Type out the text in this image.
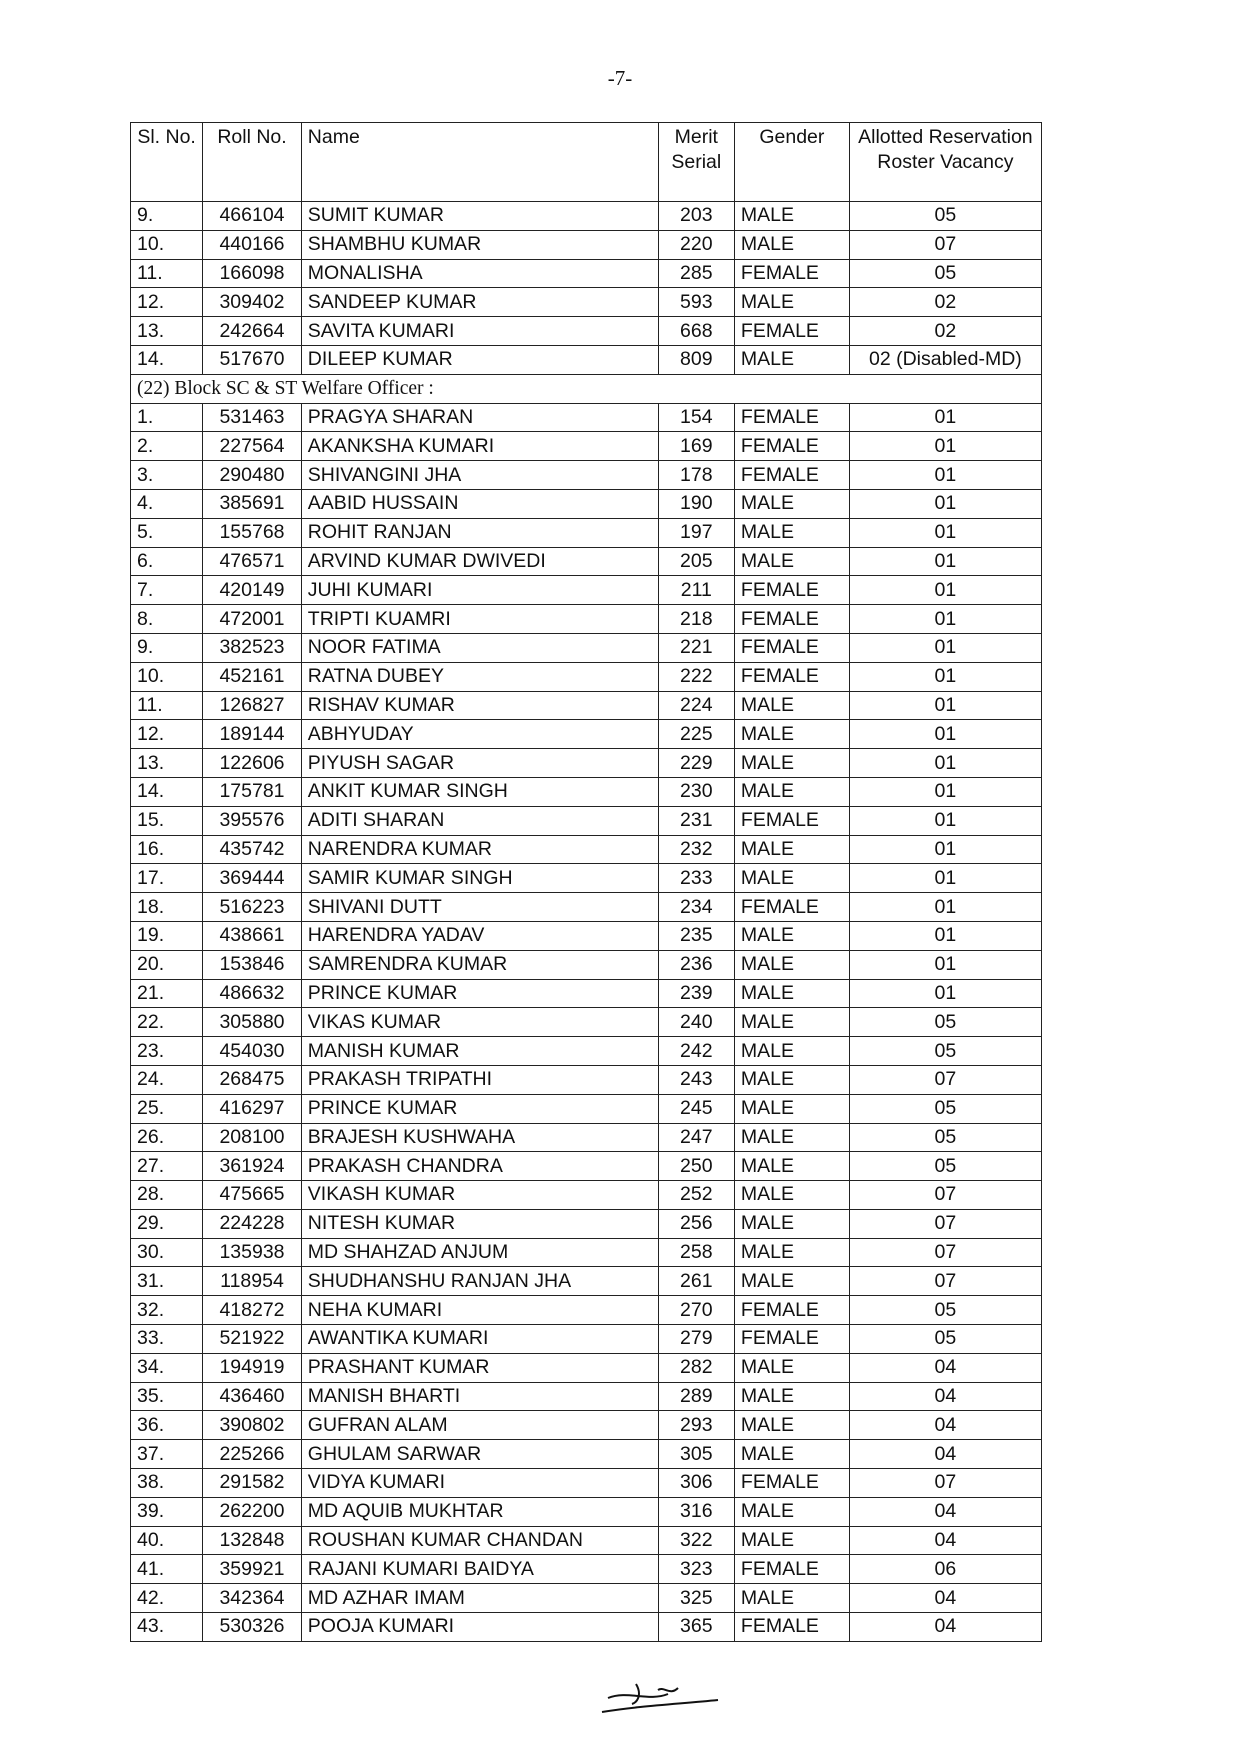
-7-
Sl. No.	Roll No.	Name	Merit Serial	Gender	Allotted Reservation Roster Vacancy
9.	466104	SUMIT KUMAR	203	MALE	05
10.	440166	SHAMBHU KUMAR	220	MALE	07
11.	166098	MONALISHA	285	FEMALE	05
12.	309402	SANDEEP KUMAR	593	MALE	02
13.	242664	SAVITA KUMARI	668	FEMALE	02
14.	517670	DILEEP KUMAR	809	MALE	02 (Disabled-MD)
(22) Block SC & ST Welfare Officer :					
1.	531463	PRAGYA SHARAN	154	FEMALE	01
2.	227564	AKANKSHA KUMARI	169	FEMALE	01
3.	290480	SHIVANGINI JHA	178	FEMALE	01
4.	385691	AABID HUSSAIN	190	MALE	01
5.	155768	ROHIT RANJAN	197	MALE	01
6.	476571	ARVIND KUMAR DWIVEDI	205	MALE	01
7.	420149	JUHI KUMARI	211	FEMALE	01
8.	472001	TRIPTI KUAMRI	218	FEMALE	01
9.	382523	NOOR FATIMA	221	FEMALE	01
10.	452161	RATNA DUBEY	222	FEMALE	01
11.	126827	RISHAV KUMAR	224	MALE	01
12.	189144	ABHYUDAY	225	MALE	01
13.	122606	PIYUSH SAGAR	229	MALE	01
14.	175781	ANKIT KUMAR SINGH	230	MALE	01
15.	395576	ADITI SHARAN	231	FEMALE	01
16.	435742	NARENDRA KUMAR	232	MALE	01
17.	369444	SAMIR KUMAR SINGH	233	MALE	01
18.	516223	SHIVANI DUTT	234	FEMALE	01
19.	438661	HARENDRA YADAV	235	MALE	01
20.	153846	SAMRENDRA KUMAR	236	MALE	01
21.	486632	PRINCE KUMAR	239	MALE	01
22.	305880	VIKAS KUMAR	240	MALE	05
23.	454030	MANISH KUMAR	242	MALE	05
24.	268475	PRAKASH TRIPATHI	243	MALE	07
25.	416297	PRINCE KUMAR	245	MALE	05
26.	208100	BRAJESH KUSHWAHA	247	MALE	05
27.	361924	PRAKASH CHANDRA	250	MALE	05
28.	475665	VIKASH KUMAR	252	MALE	07
29.	224228	NITESH KUMAR	256	MALE	07
30.	135938	MD SHAHZAD ANJUM	258	MALE	07
31.	118954	SHUDHANSHU RANJAN JHA	261	MALE	07
32.	418272	NEHA KUMARI	270	FEMALE	05
33.	521922	AWANTIKA KUMARI	279	FEMALE	05
34.	194919	PRASHANT KUMAR	282	MALE	04
35.	436460	MANISH BHARTI	289	MALE	04
36.	390802	GUFRAN ALAM	293	MALE	04
37.	225266	GHULAM SARWAR	305	MALE	04
38.	291582	VIDYA KUMARI	306	FEMALE	07
39.	262200	MD AQUIB MUKHTAR	316	MALE	04
40.	132848	ROUSHAN KUMAR CHANDAN	322	MALE	04
41.	359921	RAJANI KUMARI BAIDYA	323	FEMALE	06
42.	342364	MD AZHAR IMAM	325	MALE	04
43.	530326	POOJA KUMARI	365	FEMALE	04
